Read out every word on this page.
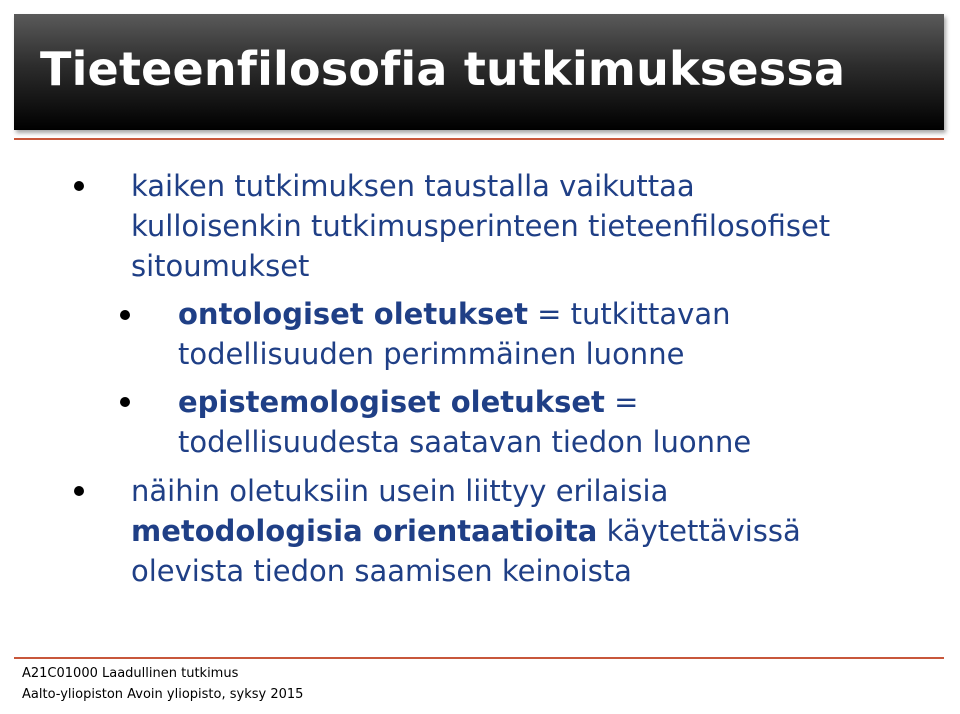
Tieteenfilosofia tutkimuksessa
kaiken tutkimuksen taustalla vaikuttaa
kulloisenkin tutkimusperinteen tieteenfilosofiset
sitoumukset
ontologiset oletukset = tutkittavan
todellisuuden perimmäinen luonne
epistemologiset oletukset =
todellisuudesta saatavan tiedon luonne
näihin oletuksiin usein liittyy erilaisia
metodologisia orientaatioita käytettävissä
olevista tiedon saamisen keinoista
A21C01000 Laadullinen tutkimus
Aalto-yliopiston Avoin yliopisto, syksy 2015
